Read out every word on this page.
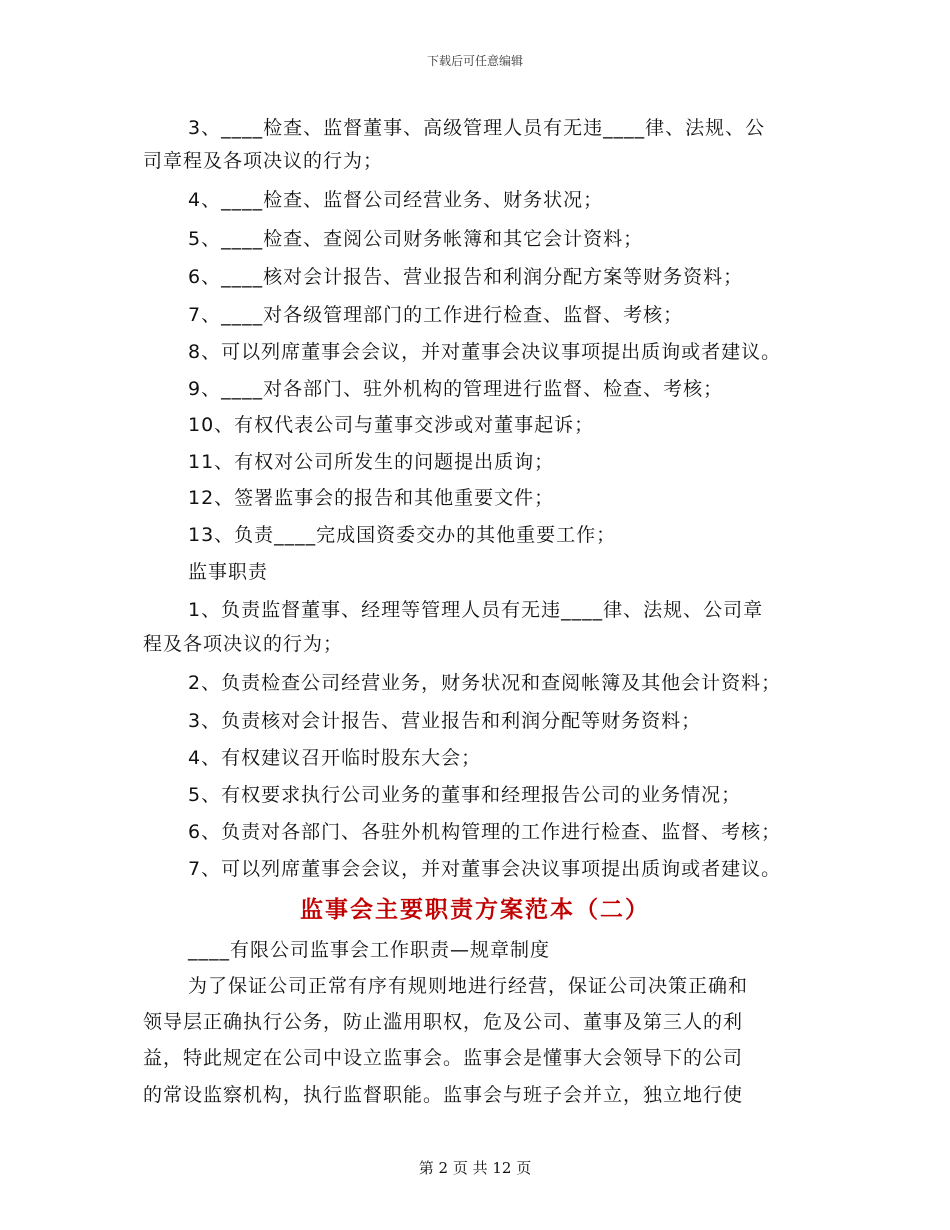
下载后可任意编辑
3、____检查、监督董事、高级管理人员有无违____律、法规、公
司章程及各项决议的行为；
4、____检查、监督公司经营业务、财务状况；
5、____检查、查阅公司财务帐簿和其它会计资料；
6、____核对会计报告、营业报告和利润分配方案等财务资料；
7、____对各级管理部门的工作进行检查、监督、考核；
8、可以列席董事会会议，并对董事会决议事项提出质询或者建议。
9、____对各部门、驻外机构的管理进行监督、检查、考核；
10、有权代表公司与董事交涉或对董事起诉；
11、有权对公司所发生的问题提出质询；
12、签署监事会的报告和其他重要文件；
13、负责____完成国资委交办的其他重要工作；
监事职责
1、负责监督董事、经理等管理人员有无违____律、法规、公司章
程及各项决议的行为；
2、负责检查公司经营业务，财务状况和查阅帐簿及其他会计资料；
3、负责核对会计报告、营业报告和利润分配等财务资料；
4、有权建议召开临时股东大会；
5、有权要求执行公司业务的董事和经理报告公司的业务情况；
6、负责对各部门、各驻外机构管理的工作进行检查、监督、考核；
7、可以列席董事会会议，并对董事会决议事项提出质询或者建议。
监事会主要职责方案范本（二）
____有限公司监事会工作职责—规章制度
为了保证公司正常有序有规则地进行经营，保证公司决策正确和
领导层正确执行公务，防止滥用职权，危及公司、董事及第三人的利
益，特此规定在公司中设立监事会。监事会是懂事大会领导下的公司
的常设监察机构，执行监督职能。监事会与班子会并立，独立地行使
第 2 页 共 12 页
